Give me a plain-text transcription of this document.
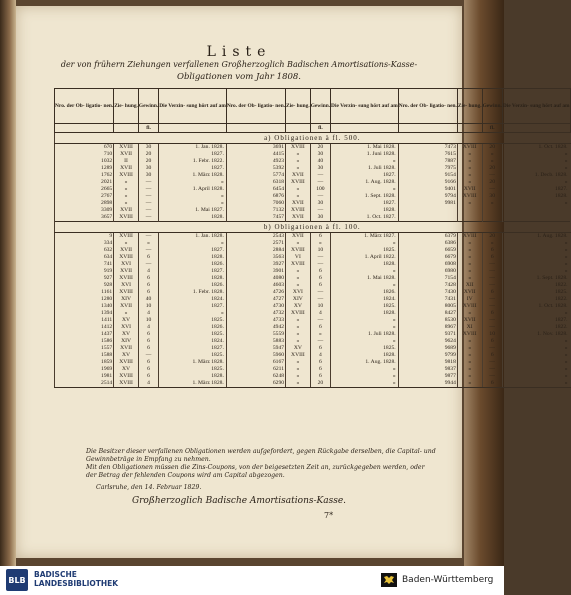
Liste
der von frühern Ziehungen verfallenen Großherzoglich Badischen Amortisations-Kasse-
Obligationen vom Jahr 1808.
Nro. der Ob- ligatio- nen.	Zie- hung.	Gewinn.	Die Verzin- sung hört auf am	Nro. der Ob- ligatio- nen.	Zie- hung.	Gewinn.	Die Verzin- sung hört auf am	Nro. der Ob- ligatio- nen.	Zie- hung.	Gewinn.	Die Verzin- sung hört auf am
		fl.				fl.				fl.	
a) Obligationen à fl. 500.											
670	XVIII	30	1. Jan. 1828.	3691	XVIII	20	1. Mai 1828.	7473	XVIII	20	1. Oct. 1828.
710	XVII	20	1827.	4415	»	30	1. Juni 1828.	7615	»	»	»
1032	II	20	1. Febr. 1822.	4923	»	40	»	7887	»	»	»
1289	XVII	30	1827.	5392	»	30	1. Juli 1828.	7975	»	20	»
1762	XVIII	30	1. März 1828.	5774	XVII	—	1827.	9154	»	—	1. Decb. 1828.
2021	»	—	»	6318	XVIII	—	1. Aug. 1828.	9166	»	20	»
2665	»	—	1. April 1828.	6454	»	100	»	9401	XVII	—	1827.
2767	»	—	»	6876	»	—	1. Sept. 1828.	9794	XVIII	30	1828.
2898	»	—	»	7060	XVII	30	1827.	9981	»	»	»
3309	XVII	—	1. Mai 1827.	7132	XVIII	—	1828.				
3657	XVIII	—	1828.	7457	XVII	30	1. Oct. 1827.				
b) Obligationen à fl. 100.											
9	XVIII	—	1. Jan. 1828.	2543	XVII	6	1. März 1827.	6379	XVIII	20	1. Aug. 1828.
334	»	»	»	2571	»	»	»	6386	»	»	»
632	XVII	—	1827.	2884	XVIII	10	1825.	6659	»	6	»
634	XVIII	6	1828.	3563	VI	—	1. April 1822.	6679	»	6	»
741	XVI	—	1826.	3927	XVIII	—	1828.	6908	»	—	»
919	XVII	4	1827.	3901	»	6	»	6980	»	—	»
927	XVIII	6	1828.	4080	»	6	1. Mai 1828.	7154	»	—	1. Sept. 1828.
928	XVI	6	1826.	4603	»	6	»	7428	XII	—	1822.
1161	XVIII	6	1. Febr. 1828.	4726	XVI	—	1826.	7430	XVII	6	1825.
1280	XIV	40	1824.	4727	XIV	—	1824.	7431	IV	—	1822.
1340	XVII	10	1827.	4730	XV	10	1825.	8005	XVIII	—	1. Oct. 1828.
1394	»	4	»	4732	XVIII	4	1828.	8427	»	6	»
1411	XV	10	1825.	4733	»	—	»	8530	XVII	—	1827.
1412	XVI	4	1826.	4942	»	6	»	8967	XI	—	1822.
1437	XV	6	1825.	5559	»	»	1. Juli 1828.	9371	XVIII	10	1. Nov. 1828.
1586	XIV	6	1824.	5883	»	—	»	9624	»	6	»
1557	XVII	6	1827.	5947	XV	6	1825.	9689	»	—	»
1588	XV	—	1825.	5960	XVIII	4	1828.	9799	»	6	»
1859	XVIII	6	1. März 1828.	6167	»	6	1. Aug. 1828.	9818	»	—	»
1969	XV	6	1825.	6211	»	6	»	9837	»	—	»
1981	XVIII	6	1828.	6248	»	6	»	9877	»	—	»
2514	XVIII	4	1. März 1828.	6290	»	20	»	9944	»	6	»
Die Besitzer dieser verfallenen Obligationen werden aufgefordert, gegen Rückgabe derselben, die Capital- und Gewinnbeträge in Empfang zu nehmen.
Mit den Obligationen müssen die Zins-Coupons, von der beigesetzten Zeit an, zurückgegeben werden, oder der Betrag der fehlenden Coupons wird am Capital abgezogen.
Carlsruhe, den 14. Februar 1829.
Großherzoglich Badische Amortisations-Kasse.
7*
BLB
BADISCHE
LANDESBIBLIOTHEK	Baden-Württemberg
